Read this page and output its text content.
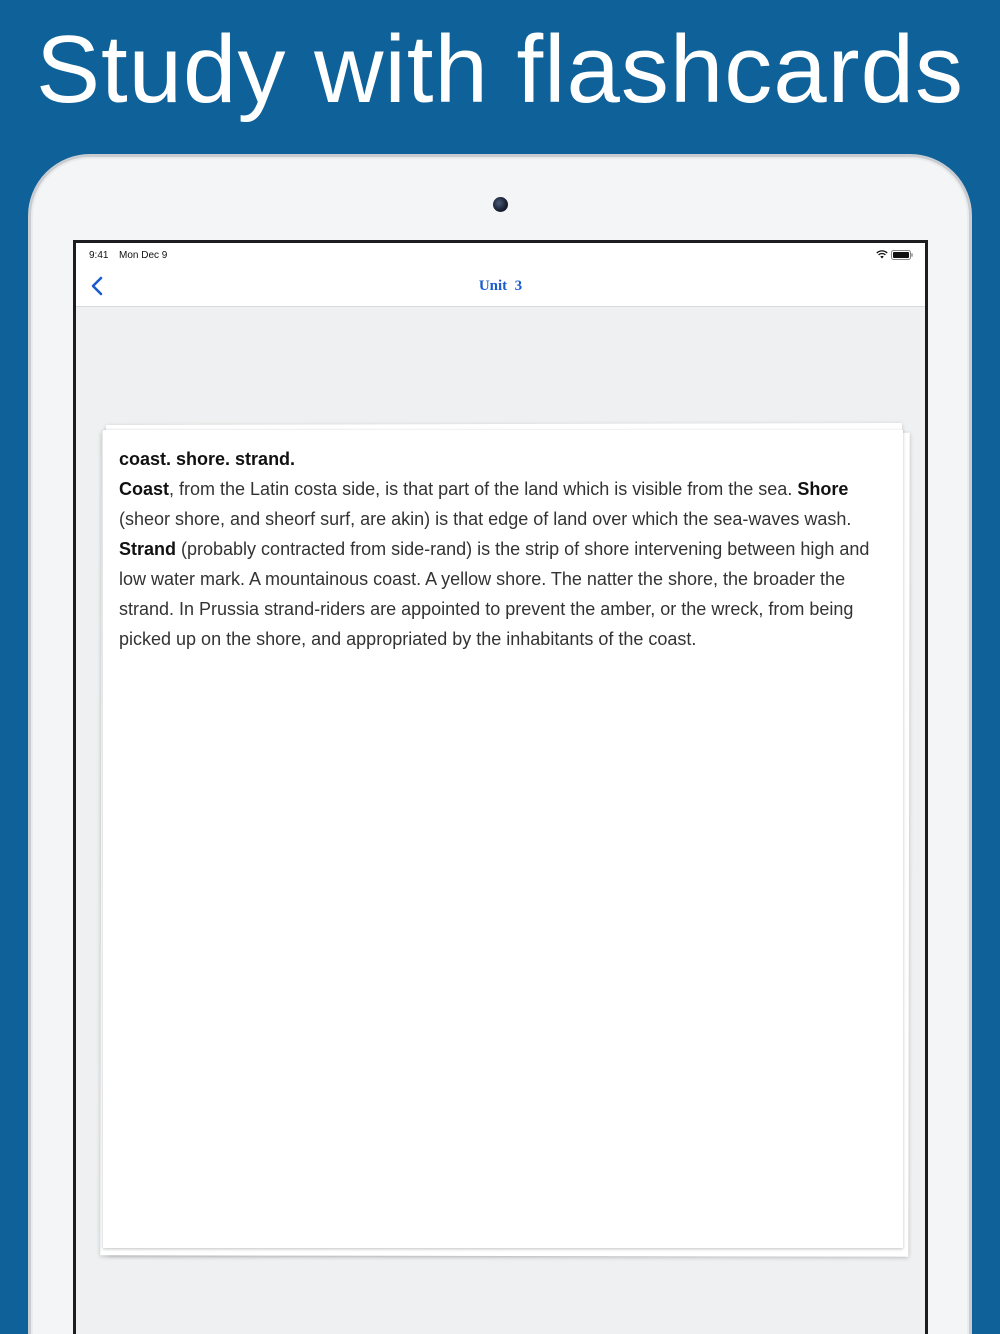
Study with flashcards
9:41 Mon Dec 9
Unit  3
coast. shore. strand.
Coast, from the Latin costa side, is that part of the land which is visible from the sea. Shore (sheor shore, and sheorf surf, are akin) is that edge of land over which the sea-waves wash. Strand (probably contracted from side-rand) is the strip of shore intervening between high and low water mark. A mountainous coast. A yellow shore. The natter the shore, the broader the strand. In Prussia strand-riders are appointed to prevent the amber, or the wreck, from being picked up on the shore, and appropriated by the inhabitants of the coast.
